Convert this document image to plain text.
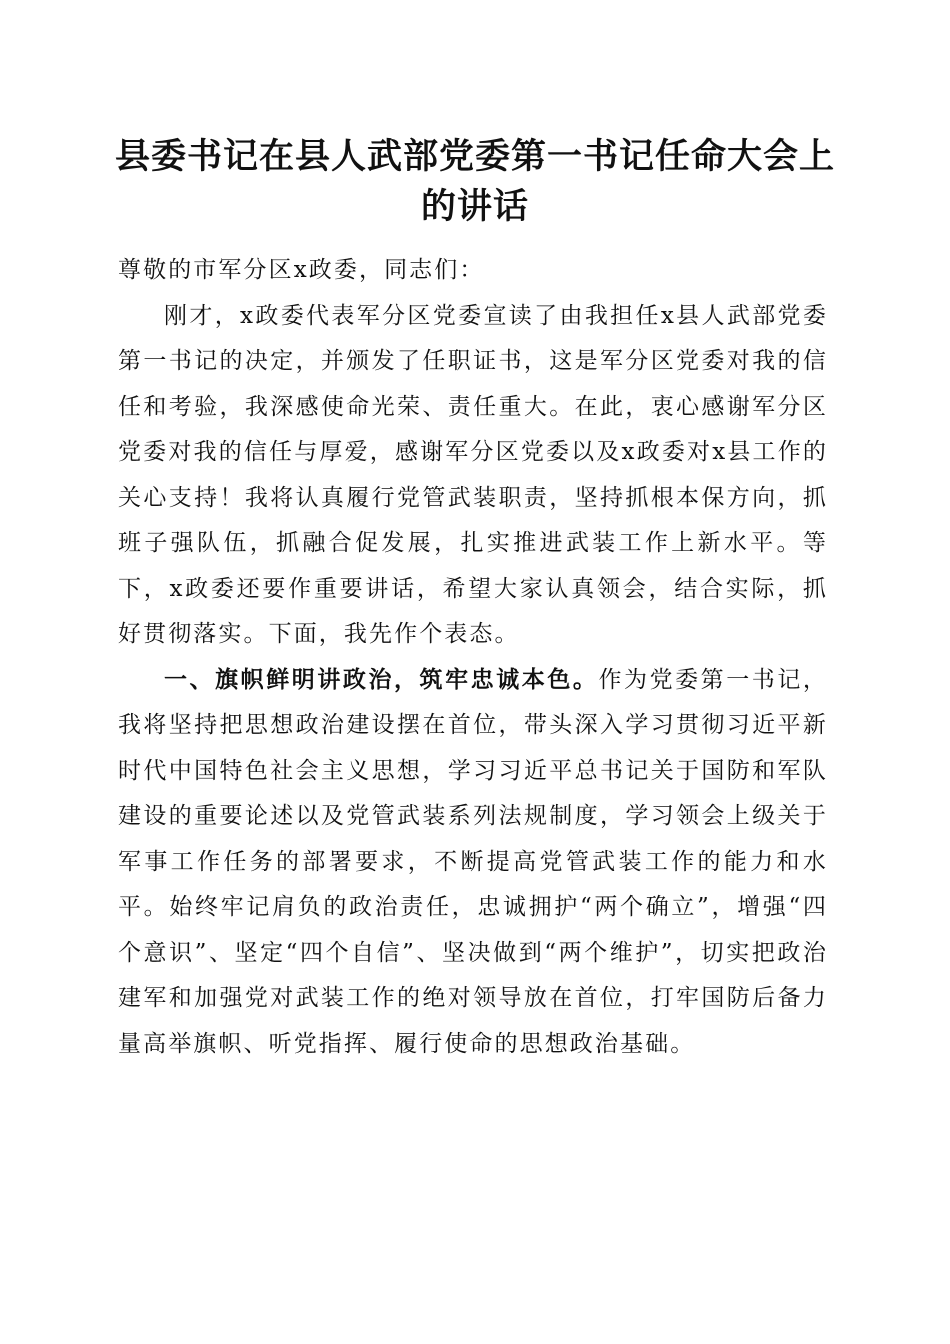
县委书记在县人武部党委第一书记任命大会上的讲话

尊敬的市军分区x政委，同志们：

刚才，x政委代表军分区党委宣读了由我担任x县人武部党委第一书记的决定，并颁发了任职证书，这是军分区党委对我的信任和考验，我深感使命光荣、责任重大。在此，衷心感谢军分区党委对我的信任与厚爱，感谢军分区党委以及x政委对x县工作的关心支持！我将认真履行党管武装职责，坚持抓根本保方向，抓班子强队伍，抓融合促发展，扎实推进武装工作上新水平。等下，x政委还要作重要讲话，希望大家认真领会，结合实际，抓好贯彻落实。下面，我先作个表态。

一、旗帜鲜明讲政治，筑牢忠诚本色。作为党委第一书记，我将坚持把思想政治建设摆在首位，带头深入学习贯彻习近平新时代中国特色社会主义思想，学习习近平总书记关于国防和军队建设的重要论述以及党管武装系列法规制度，学习领会上级关于军事工作任务的部署要求，不断提高党管武装工作的能力和水平。始终牢记肩负的政治责任，忠诚拥护“两个确立”，增强“四个意识”、坚定“四个自信”、坚决做到“两个维护”，切实把政治建军和加强党对武装工作的绝对领导放在首位，打牢国防后备力量高举旗帜、听党指挥、履行使命的思想政治基础。
